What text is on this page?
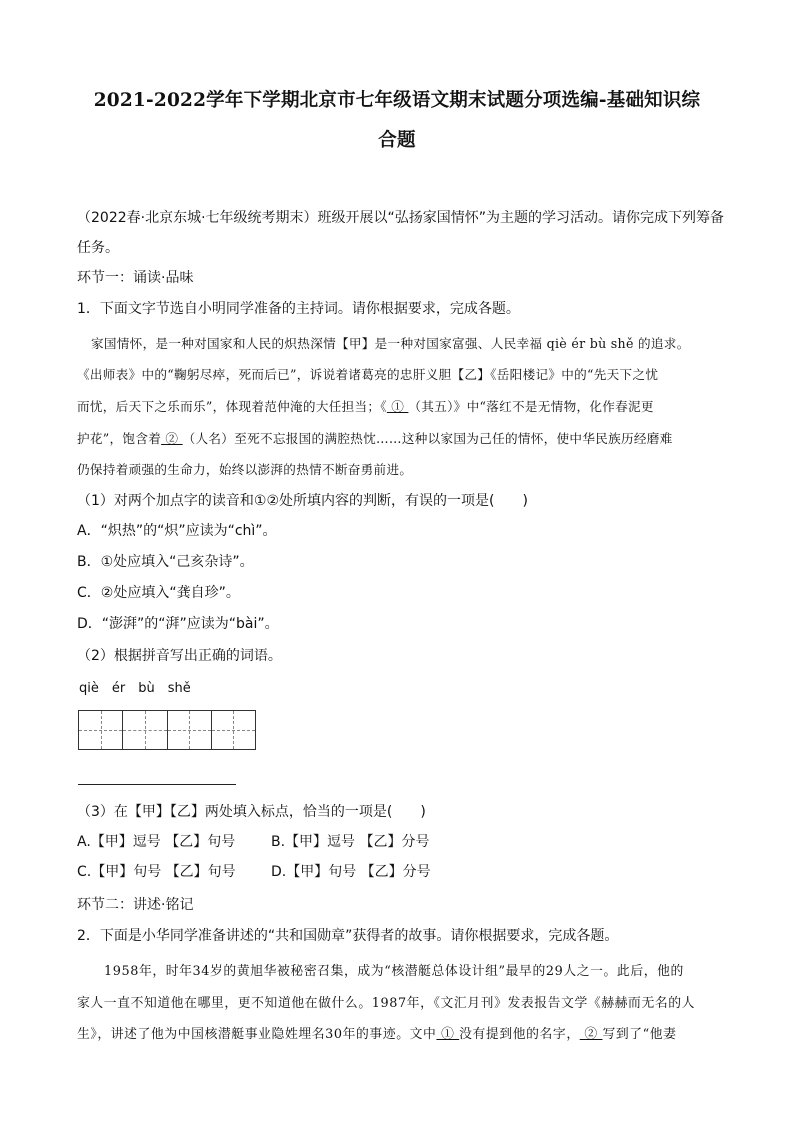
2021-2022学年下学期北京市七年级语文期末试题分项选编-基础知识综
合题
（2022春·北京东城·七年级统考期末）班级开展以“弘扬家国情怀”为主题的学习活动。请你完成下列筹备
任务。
环节一：诵读·品味
1．下面文字节选自小明同学准备的主持词。请你根据要求，完成各题。
家国情怀，是一种对国家和人民的炽热深情【甲】是一种对国家富强、人民幸福 qiè ér bù shě 的追求。
《出师表》中的“鞠躬尽瘁，死而后已”，诉说着诸葛亮的忠肝义胆【乙】《岳阳楼记》中的“先天下之忧
而忧，后天下之乐而乐”，体现着范仲淹的大任担当；《 ① （其五）》中“落红不是无情物，化作春泥更
护花”，饱含着 ② （人名）至死不忘报国的满腔热忱……这种以家国为己任的情怀，使中华民族历经磨难
仍保持着顽强的生命力，始终以澎湃的热情不断奋勇前进。
（1）对两个加点字的读音和①②处所填内容的判断，有误的一项是(　　)
A．“炽热”的“炽”应读为“chì”。
B．①处应填入“己亥杂诗”。
C．②处应填入“龚自珍”。
D．“澎湃”的“湃”应读为“bài”。
（2）根据拼音写出正确的词语。
qiè　ér　bù　shě
（3）在【甲】【乙】两处填入标点，恰当的一项是(　　)
A.【甲】逗号 【乙】句号	B.【甲】逗号 【乙】分号
C.【甲】句号 【乙】句号	D.【甲】句号 【乙】分号
环节二：讲述·铭记
2．下面是小华同学准备讲述的“共和国勋章”获得者的故事。请你根据要求，完成各题。
1958年，时年34岁的黄旭华被秘密召集，成为“核潜艇总体设计组”最早的29人之一。此后，他的
家人一直不知道他在哪里，更不知道他在做什么。1987年，《文汇月刊》发表报告文学《赫赫而无名的人
生》，讲述了他为中国核潜艇事业隐姓埋名30年的事迹。文中 ① 没有提到他的名字， ② 写到了“他妻
